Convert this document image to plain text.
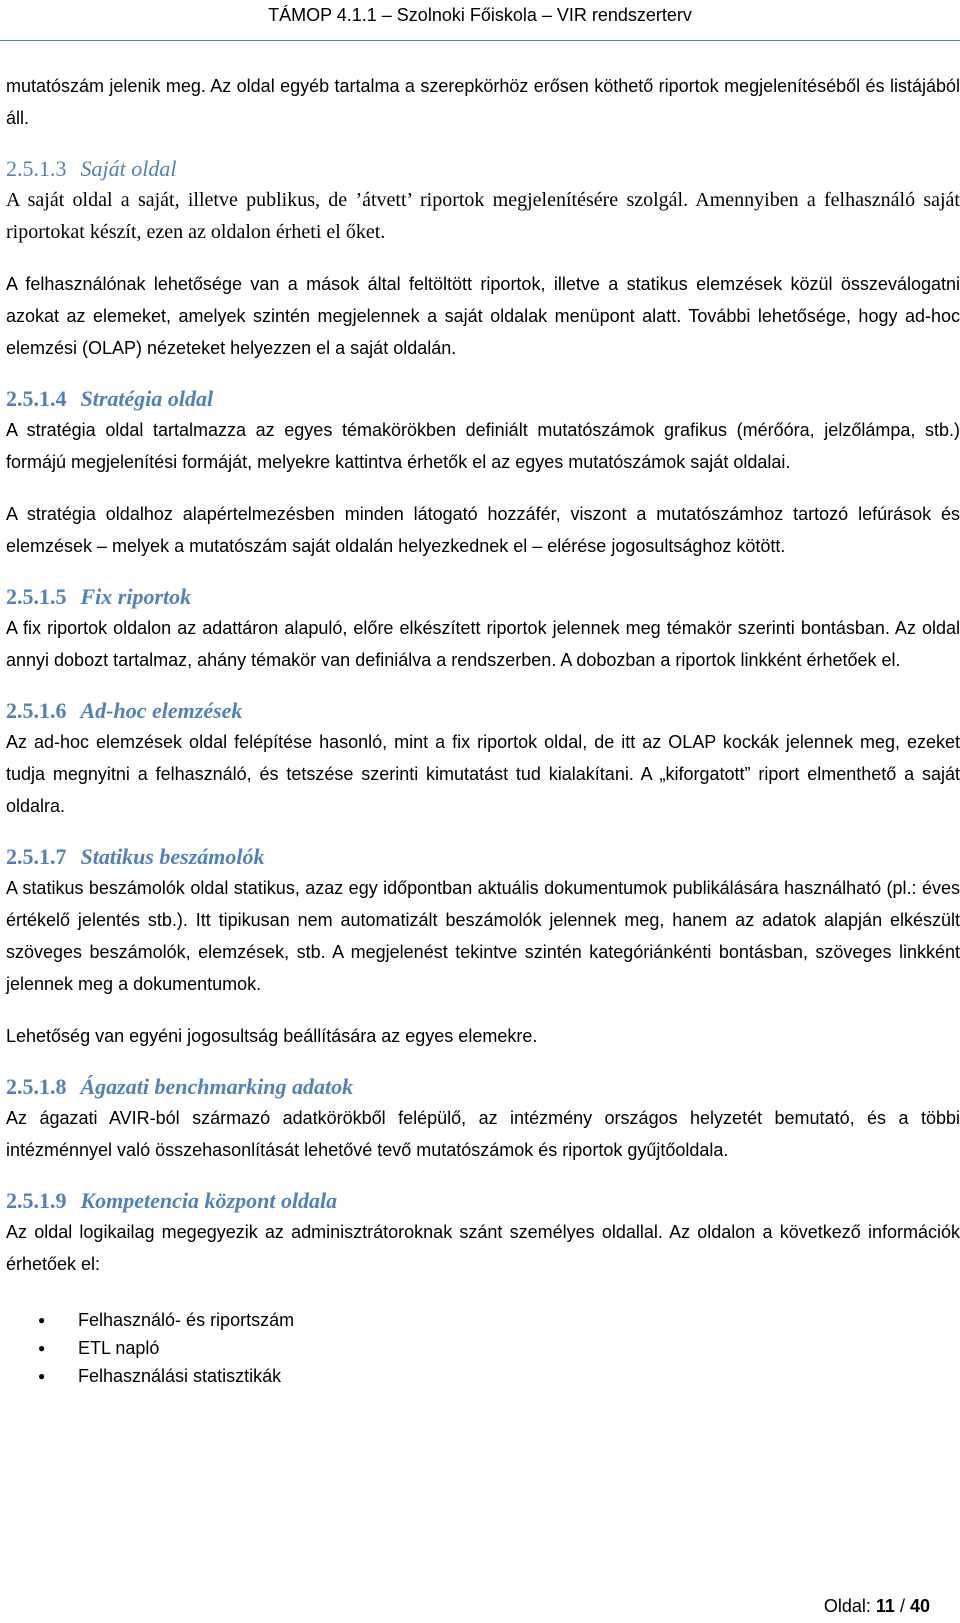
TÁMOP 4.1.1 – Szolnoki Főiskola – VIR rendszerterv

mutatószám jelenik meg. Az oldal egyéb tartalma a szerepkörhöz erősen köthető riportok megjelenítéséből és listájából áll.

2.5.1.3 Saját oldal

A saját oldal a saját, illetve publikus, de ’átvett’ riportok megjelenítésére szolgál. Amennyiben a felhasználó saját riportokat készít, ezen az oldalon érheti el őket.

A felhasználónak lehetősége van a mások által feltöltött riportok, illetve a statikus elemzések közül összeválogatni azokat az elemeket, amelyek szintén megjelennek a saját oldalak menüpont alatt. További lehetősége, hogy ad-hoc elemzési (OLAP) nézeteket helyezzen el a saját oldalán.

2.5.1.4 Stratégia oldal

A stratégia oldal tartalmazza az egyes témakörökben definiált mutatószámok grafikus (mérőóra, jelzőlámpa, stb.) formájú megjelenítési formáját, melyekre kattintva érhetők el az egyes mutatószámok saját oldalai.

A stratégia oldalhoz alapértelmezésben minden látogató hozzáfér, viszont a mutatószámhoz tartozó lefúrások és elemzések – melyek a mutatószám saját oldalán helyezkednek el – elérése jogosultsághoz kötött.

2.5.1.5 Fix riportok

A fix riportok oldalon az adattáron alapuló, előre elkészített riportok jelennek meg témakör szerinti bontásban. Az oldal annyi dobozt tartalmaz, ahány témakör van definiálva a rendszerben. A dobozban a riportok linkként érhetőek el.

2.5.1.6 Ad-hoc elemzések

Az ad-hoc elemzések oldal felépítése hasonló, mint a fix riportok oldal, de itt az OLAP kockák jelennek meg, ezeket tudja megnyitni a felhasználó, és tetszése szerinti kimutatást tud kialakítani. A „kiforgatott” riport elmenthető a saját oldalra.

2.5.1.7 Statikus beszámolók

A statikus beszámolók oldal statikus, azaz egy időpontban aktuális dokumentumok publikálására használható (pl.: éves értékelő jelentés stb.). Itt tipikusan nem automatizált beszámolók jelennek meg, hanem az adatok alapján elkészült szöveges beszámolók, elemzések, stb. A megjelenést tekintve szintén kategóriánkénti bontásban, szöveges linkként jelennek meg a dokumentumok.

Lehetőség van egyéni jogosultság beállítására az egyes elemekre.

2.5.1.8 Ágazati benchmarking adatok

Az ágazati AVIR-ból származó adatkörökből felépülő, az intézmény országos helyzetét bemutató, és a többi intézménnyel való összehasonlítását lehetővé tevő mutatószámok és riportok gyűjtőoldala.

2.5.1.9 Kompetencia központ oldala

Az oldal logikailag megegyezik az adminisztrátoroknak szánt személyes oldallal. Az oldalon a következő információk érhetőek el:

● Felhasználó- és riportszám
● ETL napló
● Felhasználási statisztikák
Oldal: 11 / 40
